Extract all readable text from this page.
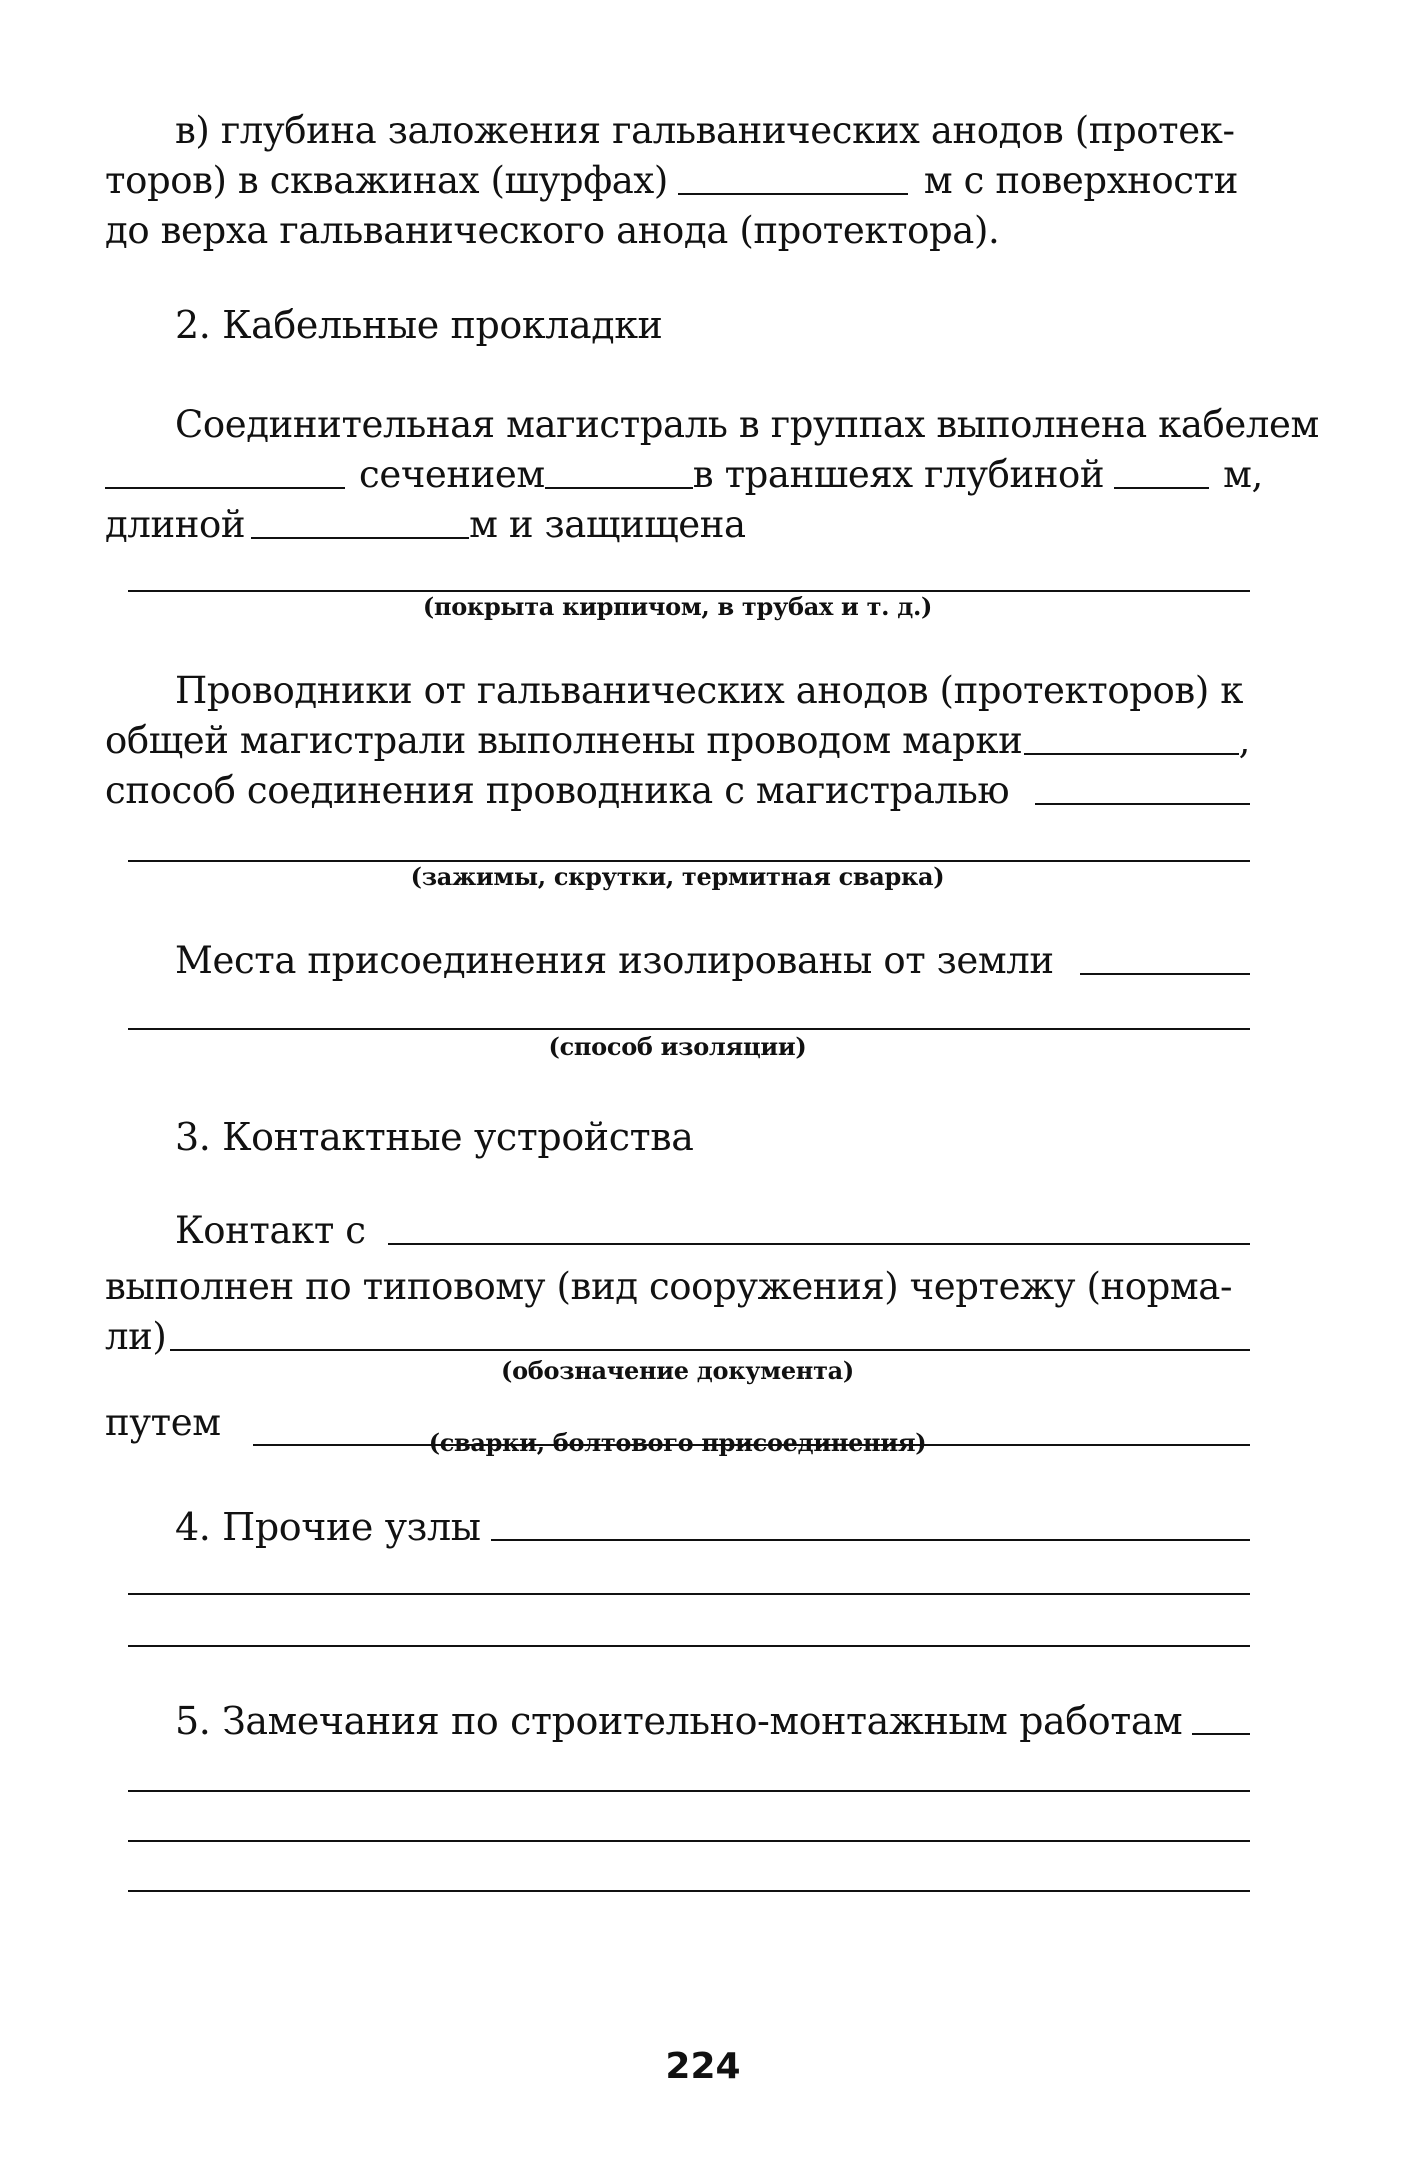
в) глубина заложения гальванических анодов (протек-
торов) в скважинах (шурфах)	м с поверхности
до верха гальванического анода (протектора).
2. Кабельные прокладки
Соединительная магистраль в группах выполнена кабелем
сечением	в траншеях глубиной	м,
длиной	м и защищена
(покрыта кирпичом, в трубах и т. д.)
Проводники от гальванических анодов (протекторов) к
общей магистрали выполнены проводом марки	,
способ соединения проводника с магистралью
(зажимы, скрутки, термитная сварка)
Места присоединения изолированы от земли
(способ изоляции)
3. Контактные устройства
Контакт с
выполнен по типовому (вид сооружения) чертежу (норма-
ли)
(обозначение документа)
путем	(сварки, болтового присоединения)
4. Прочие узлы
5. Замечания по строительно-монтажным работам
224
